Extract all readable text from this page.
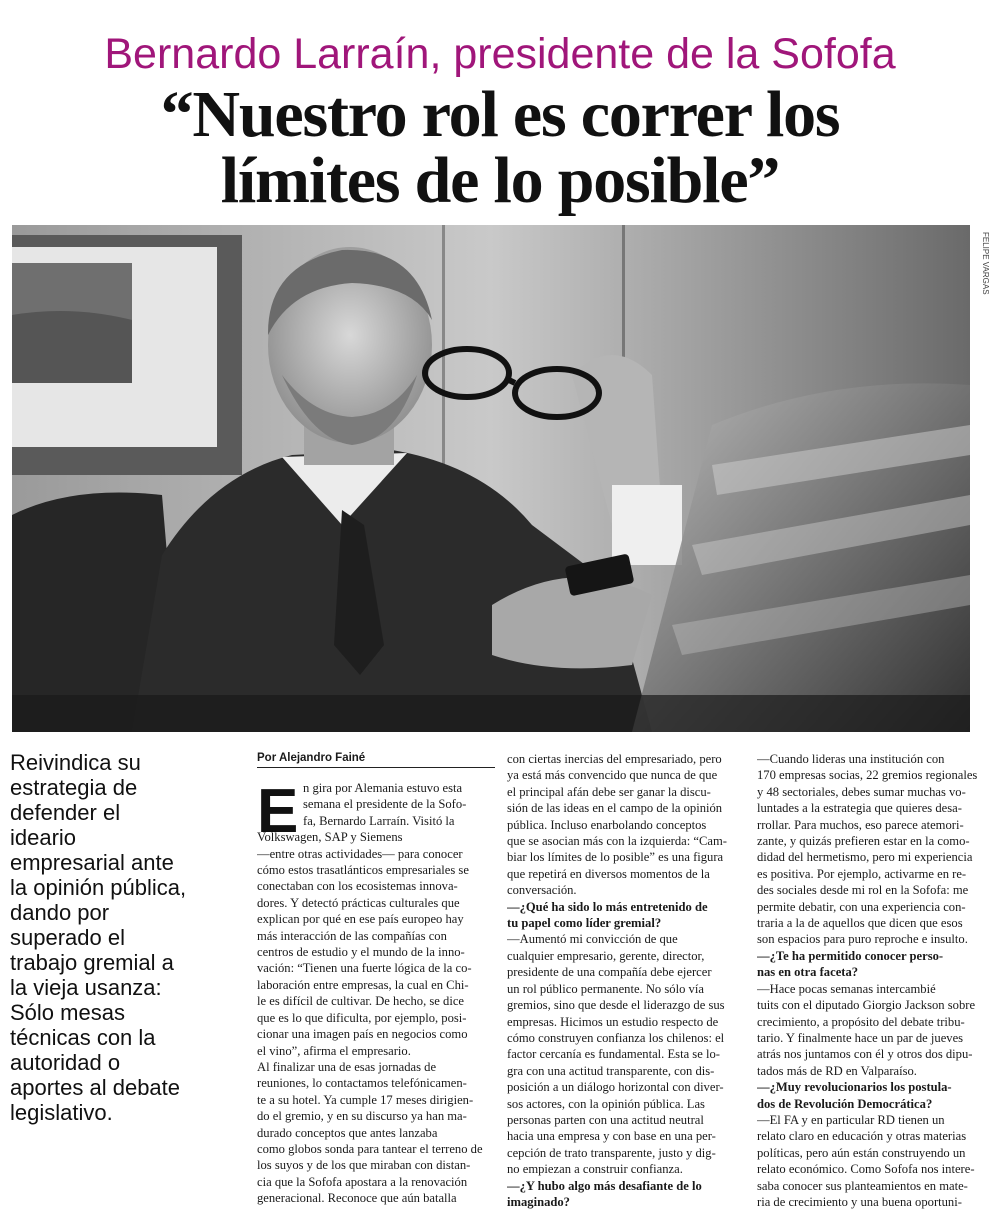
Bernardo Larraín, presidente de la Sofofa
“Nuestro rol es correr los
límites de lo posible”
FELIPE VARGAS
Reivindica su
estrategia de
defender el
ideario
empresarial ante
la opinión pública,
dando por
superado el
trabajo gremial a
la vieja usanza:
Sólo mesas
técnicas con la
autoridad o
aportes al debate
legislativo.
Por Alejandro Fainé
E n gira por Alemania estuvo esta
semana el presidente de la Sofo-
fa, Bernardo Larraín. Visitó la
Volkswagen, SAP y Siemens
—entre otras actividades— para conocer
cómo estos trasatlánticos empresariales se
conectaban con los ecosistemas innova-
dores. Y detectó prácticas culturales que
explican por qué en ese país europeo hay
más interacción de las compañías con
centros de estudio y el mundo de la inno-
vación: “Tienen una fuerte lógica de la co-
laboración entre empresas, la cual en Chi-
le es difícil de cultivar. De hecho, se dice
que es lo que dificulta, por ejemplo, posi-
cionar una imagen país en negocios como
el vino”, afirma el empresario.
Al finalizar una de esas jornadas de
reuniones, lo contactamos telefónicamen-
te a su hotel. Ya cumple 17 meses dirigien-
do el gremio, y en su discurso ya han ma-
durado conceptos que antes lanzaba
como globos sonda para tantear el terreno de
los suyos y de los que miraban con distan-
cia que la Sofofa apostara a la renovación
generacional. Reconoce que aún batalla
con ciertas inercias del empresariado, pero
ya está más convencido que nunca de que
el principal afán debe ser ganar la discu-
sión de las ideas en el campo de la opinión
pública. Incluso enarbolando conceptos
que se asocian más con la izquierda: “Cam-
biar los límites de lo posible” es una figura
que repetirá en diversos momentos de la
conversación.
—¿Qué ha sido lo más entretenido de
tu papel como líder gremial?
—Aumentó mi convicción de que
cualquier empresario, gerente, director,
presidente de una compañía debe ejercer
un rol público permanente. No sólo vía
gremios, sino que desde el liderazgo de sus
empresas. Hicimos un estudio respecto de
cómo construyen confianza los chilenos: el
factor cercanía es fundamental. Esta se lo-
gra con una actitud transparente, con dis-
posición a un diálogo horizontal con diver-
sos actores, con la opinión pública. Las
personas parten con una actitud neutral
hacia una empresa y con base en una per-
cepción de trato transparente, justo y dig-
no empiezan a construir confianza.
—¿Y hubo algo más desafiante de lo
imaginado?
—Cuando lideras una institución con
170 empresas socias, 22 gremios regionales
y 48 sectoriales, debes sumar muchas vo-
luntades a la estrategia que quieres desa-
rrollar. Para muchos, eso parece atemori-
zante, y quizás prefieren estar en la como-
didad del hermetismo, pero mi experiencia
es positiva. Por ejemplo, activarme en re-
des sociales desde mi rol en la Sofofa: me
permite debatir, con una experiencia con-
traria a la de aquellos que dicen que esos
son espacios para puro reproche e insulto.
—¿Te ha permitido conocer perso-
nas en otra faceta?
—Hace pocas semanas intercambié
tuits con el diputado Giorgio Jackson sobre
crecimiento, a propósito del debate tribu-
tario. Y finalmente hace un par de jueves
atrás nos juntamos con él y otros dos dipu-
tados más de RD en Valparaíso.
—¿Muy revolucionarios los postula-
dos de Revolución Democrática?
—El FA y en particular RD tienen un
relato claro en educación y otras materias
políticas, pero aún están construyendo un
relato económico. Como Sofofa nos intere-
saba conocer sus planteamientos en mate-
ria de crecimiento y una buena oportuni-
